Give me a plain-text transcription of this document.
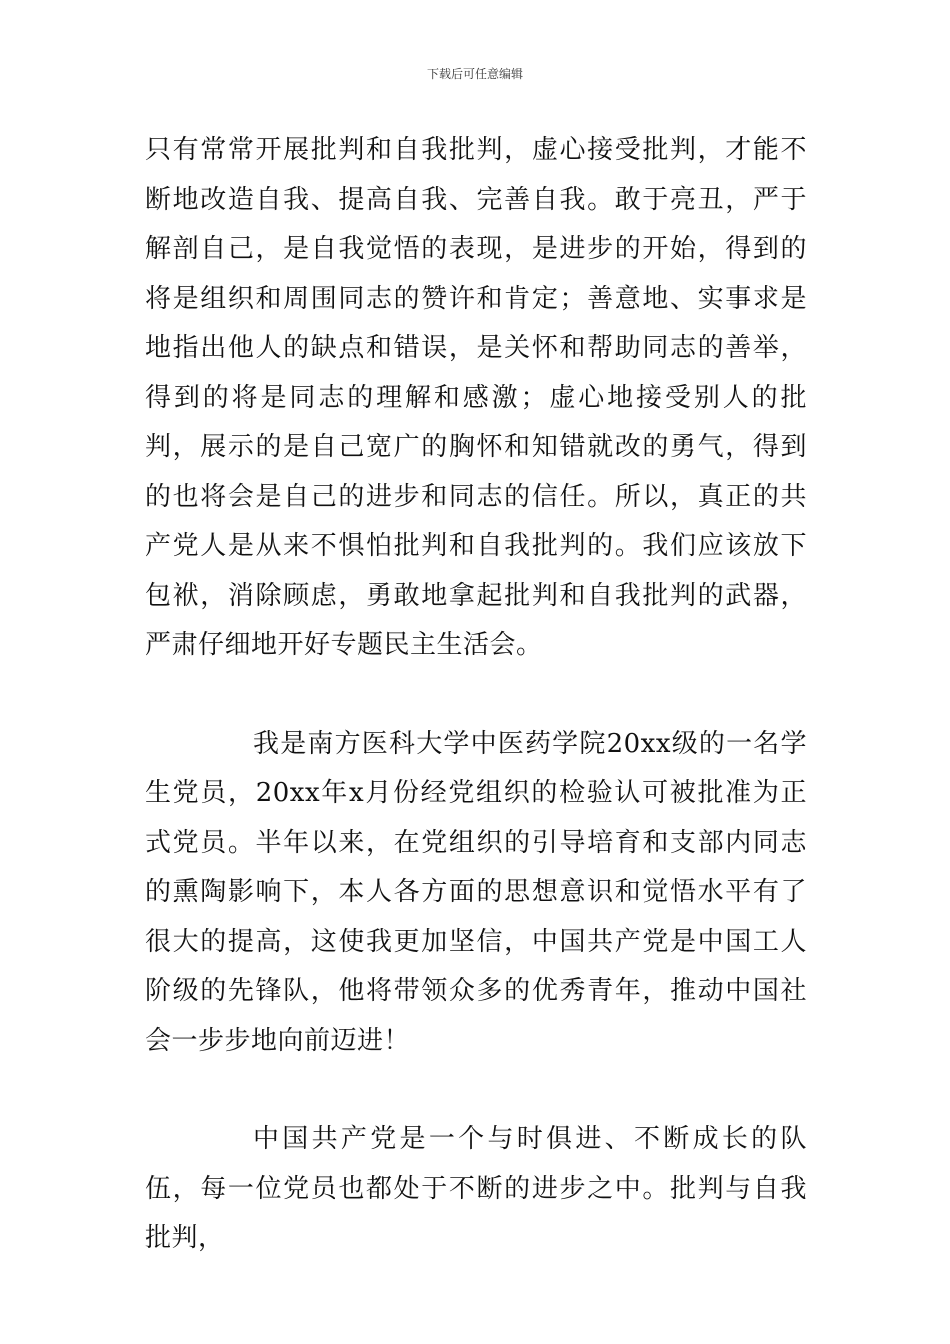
下载后可任意编辑

只有常常开展批判和自我批判，虚心接受批判，才能不断地改造自我、提高自我、完善自我。敢于亮丑，严于解剖自己，是自我觉悟的表现，是进步的开始，得到的将是组织和周围同志的赞许和肯定；善意地、实事求是地指出他人的缺点和错误，是关怀和帮助同志的善举，得到的将是同志的理解和感激；虚心地接受别人的批判，展示的是自己宽广的胸怀和知错就改的勇气，得到的也将会是自己的进步和同志的信任。所以，真正的共产党人是从来不惧怕批判和自我批判的。我们应该放下包袱，消除顾虑，勇敢地拿起批判和自我批判的武器，严肃仔细地开好专题民主生活会。

我是南方医科大学中医药学院20xx级的一名学生党员，20xx年x月份经党组织的检验认可被批准为正式党员。半年以来，在党组织的引导培育和支部内同志的熏陶影响下，本人各方面的思想意识和觉悟水平有了很大的提高，这使我更加坚信，中国共产党是中国工人阶级的先锋队，他将带领众多的优秀青年，推动中国社会一步步地向前迈进！

中国共产党是一个与时俱进、不断成长的队伍，每一位党员也都处于不断的进步之中。批判与自我批判，
